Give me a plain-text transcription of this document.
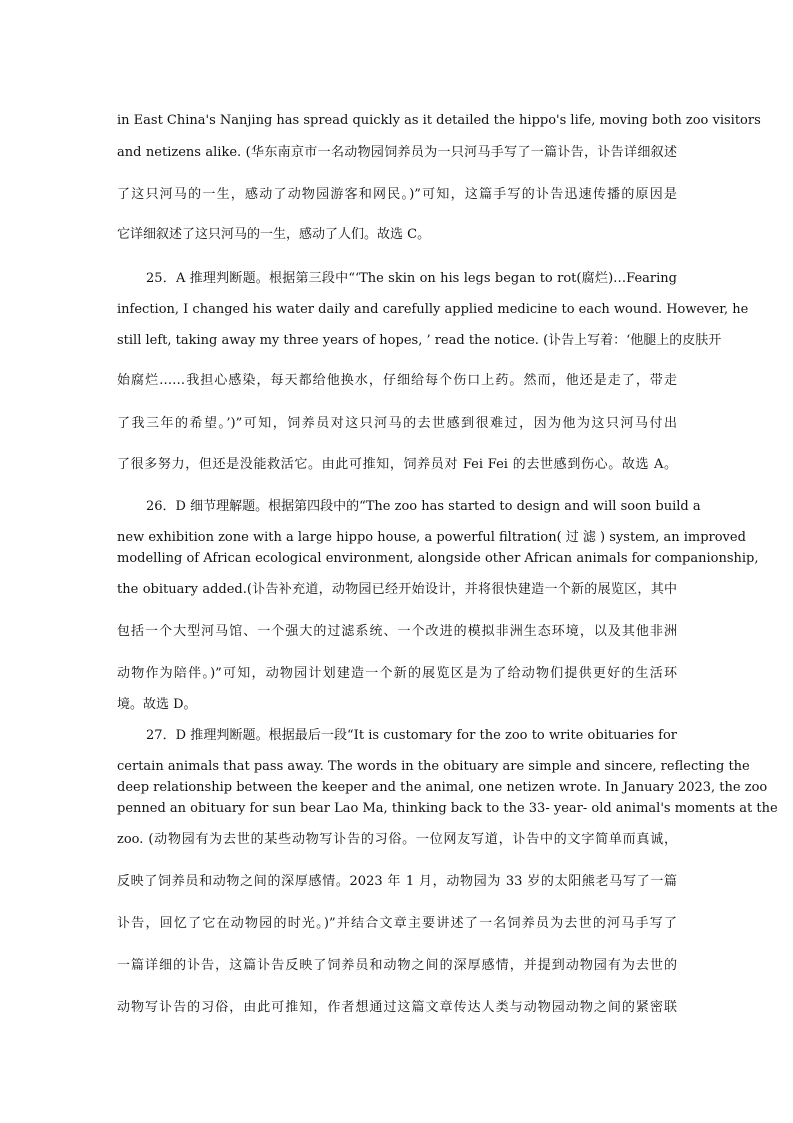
in East China's Nanjing has spread quickly as it detailed the hippo's life, moving both zoo visitors

and netizens alike. (华东南京市一名动物园饲养员为一只河马手写了一篇讣告，讣告详细叙述

了这只河马的一生，感动了动物园游客和网民。)”可知，这篇手写的讣告迅速传播的原因是

它详细叙述了这只河马的一生，感动了人们。故选 C。

25．A 推理判断题。根据第三段中“‘The skin on his legs began to rot(腐烂)…Fearing

infection, I changed his water daily and carefully applied medicine to each wound. However, he

still left, taking away my three years of hopes, ’ read the notice. (讣告上写着：‘他腿上的皮肤开

始腐烂……我担心感染，每天都给他换水，仔细给每个伤口上药。然而，他还是走了，带走

了我三年的希望。’)”可知，饲养员对这只河马的去世感到很难过，因为他为这只河马付出

了很多努力，但还是没能救活它。由此可推知，饲养员对 Fei Fei 的去世感到伤心。故选 A。

26．D 细节理解题。根据第四段中的“The zoo has started to design and will soon build a

new exhibition zone with a large hippo house, a powerful filtration( 过 滤 ) system, an improved

modelling of African ecological environment, alongside other African animals for companionship,

the obituary added.(讣告补充道，动物园已经开始设计，并将很快建造一个新的展览区，其中

包括一个大型河马馆、一个强大的过滤系统、一个改进的模拟非洲生态环境，以及其他非洲

动物作为陪伴。)”可知，动物园计划建造一个新的展览区是为了给动物们提供更好的生活环

境。故选 D。

27．D 推理判断题。根据最后一段“It is customary for the zoo to write obituaries for

certain animals that pass away. The words in the obituary are simple and sincere, reflecting the

deep relationship between the keeper and the animal, one netizen wrote. In January 2023, the zoo

penned an obituary for sun bear Lao Ma, thinking back to the 33- year- old animal's moments at the

zoo. (动物园有为去世的某些动物写讣告的习俗。一位网友写道，讣告中的文字简单而真诚，

反映了饲养员和动物之间的深厚感情。2023 年 1 月，动物园为 33 岁的太阳熊老马写了一篇

讣告，回忆了它在动物园的时光。)”并结合文章主要讲述了一名饲养员为去世的河马手写了

一篇详细的讣告，这篇讣告反映了饲养员和动物之间的深厚感情，并提到动物园有为去世的

动物写讣告的习俗，由此可推知，作者想通过这篇文章传达人类与动物园动物之间的紧密联
